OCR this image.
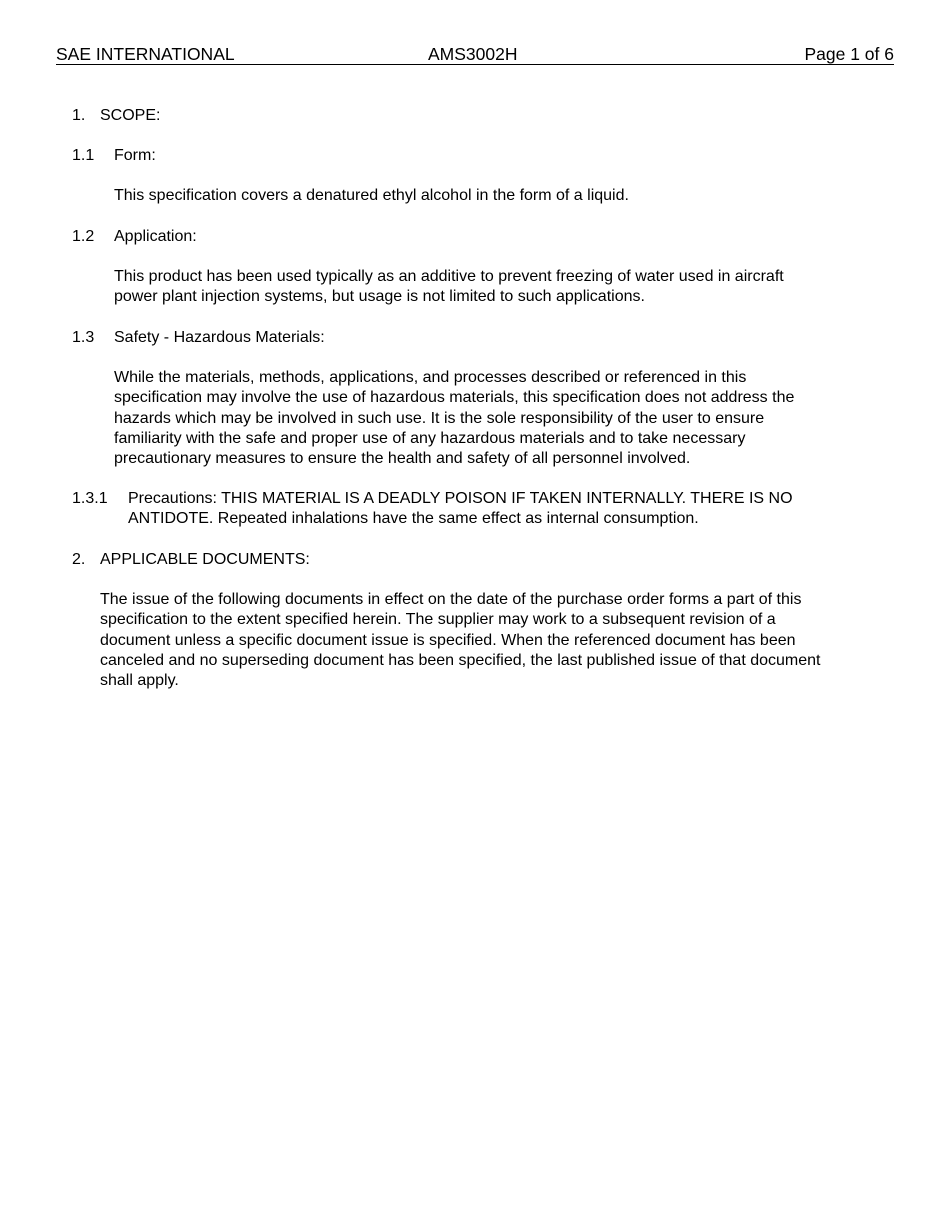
SAE INTERNATIONAL	AMS3002H	Page 1 of 6
1. SCOPE:
1.1 Form:
This specification covers a denatured ethyl alcohol in the form of a liquid.
1.2 Application:
This product has been used typically as an additive to prevent freezing of water used in aircraft
power plant injection systems, but usage is not limited to such applications.
1.3 Safety - Hazardous Materials:
While the materials, methods, applications, and processes described or referenced in this
specification may involve the use of hazardous materials, this specification does not address the
hazards which may be involved in such use. It is the sole responsibility of the user to ensure
familiarity with the safe and proper use of any hazardous materials and to take necessary
precautionary measures to ensure the health and safety of all personnel involved.
1.3.1 Precautions: THIS MATERIAL IS A DEADLY POISON IF TAKEN INTERNALLY. THERE IS NO
ANTIDOTE. Repeated inhalations have the same effect as internal consumption.
2. APPLICABLE DOCUMENTS:
The issue of the following documents in effect on the date of the purchase order forms a part of this
specification to the extent specified herein. The supplier may work to a subsequent revision of a
document unless a specific document issue is specified. When the referenced document has been
canceled and no superseding document has been specified, the last published issue of that document
shall apply.
